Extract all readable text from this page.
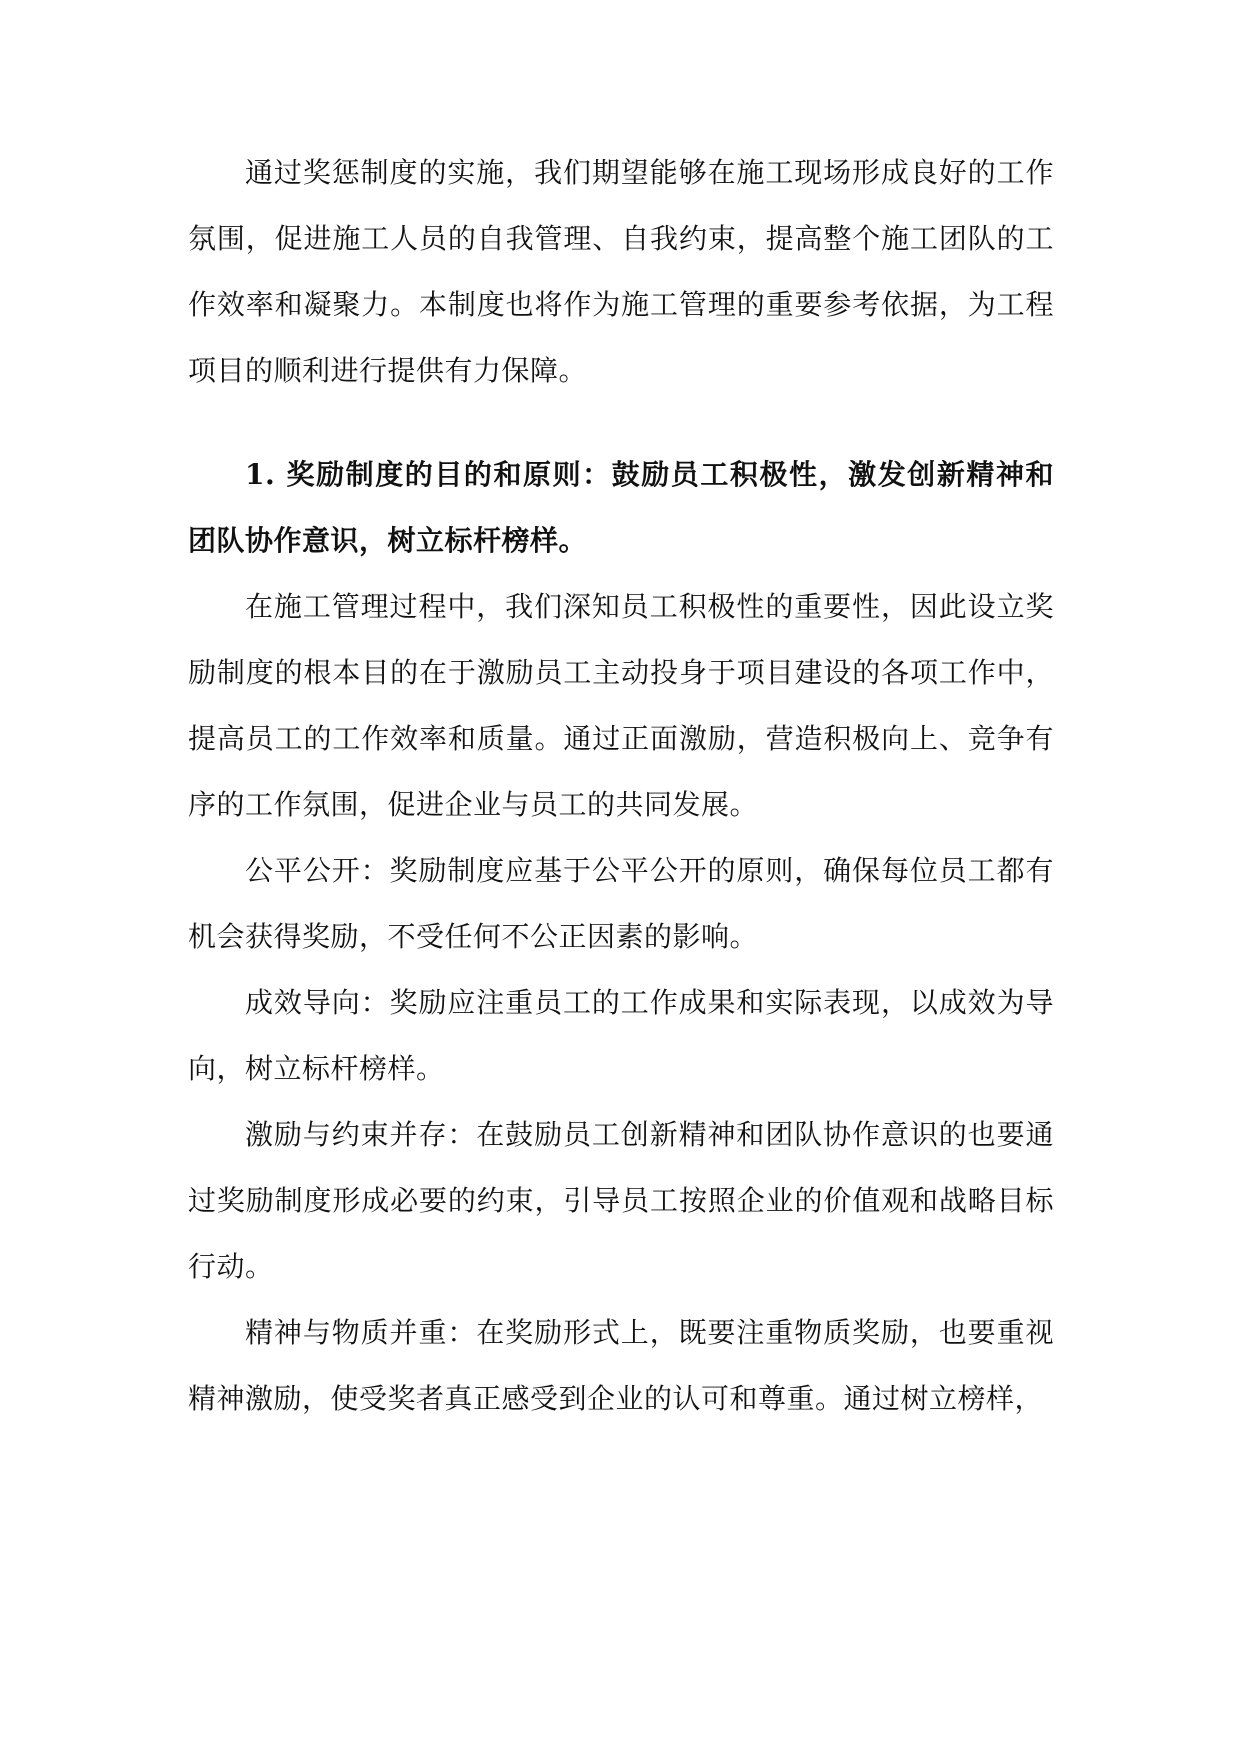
通过奖惩制度的实施，我们期望能够在施工现场形成良好的工作氛围，促进施工人员的自我管理、自我约束，提高整个施工团队的工作效率和凝聚力。本制度也将作为施工管理的重要参考依据，为工程项目的顺利进行提供有力保障。

1. 奖励制度的目的和原则：鼓励员工积极性，激发创新精神和团队协作意识，树立标杆榜样。

在施工管理过程中，我们深知员工积极性的重要性，因此设立奖励制度的根本目的在于激励员工主动投身于项目建设的各项工作中，提高员工的工作效率和质量。通过正面激励，营造积极向上、竞争有序的工作氛围，促进企业与员工的共同发展。

公平公开：奖励制度应基于公平公开的原则，确保每位员工都有机会获得奖励，不受任何不公正因素的影响。

成效导向：奖励应注重员工的工作成果和实际表现，以成效为导向，树立标杆榜样。

激励与约束并存：在鼓励员工创新精神和团队协作意识的也要通过奖励制度形成必要的约束，引导员工按照企业的价值观和战略目标行动。

精神与物质并重：在奖励形式上，既要注重物质奖励，也要重视精神激励，使受奖者真正感受到企业的认可和尊重。通过树立榜样，
